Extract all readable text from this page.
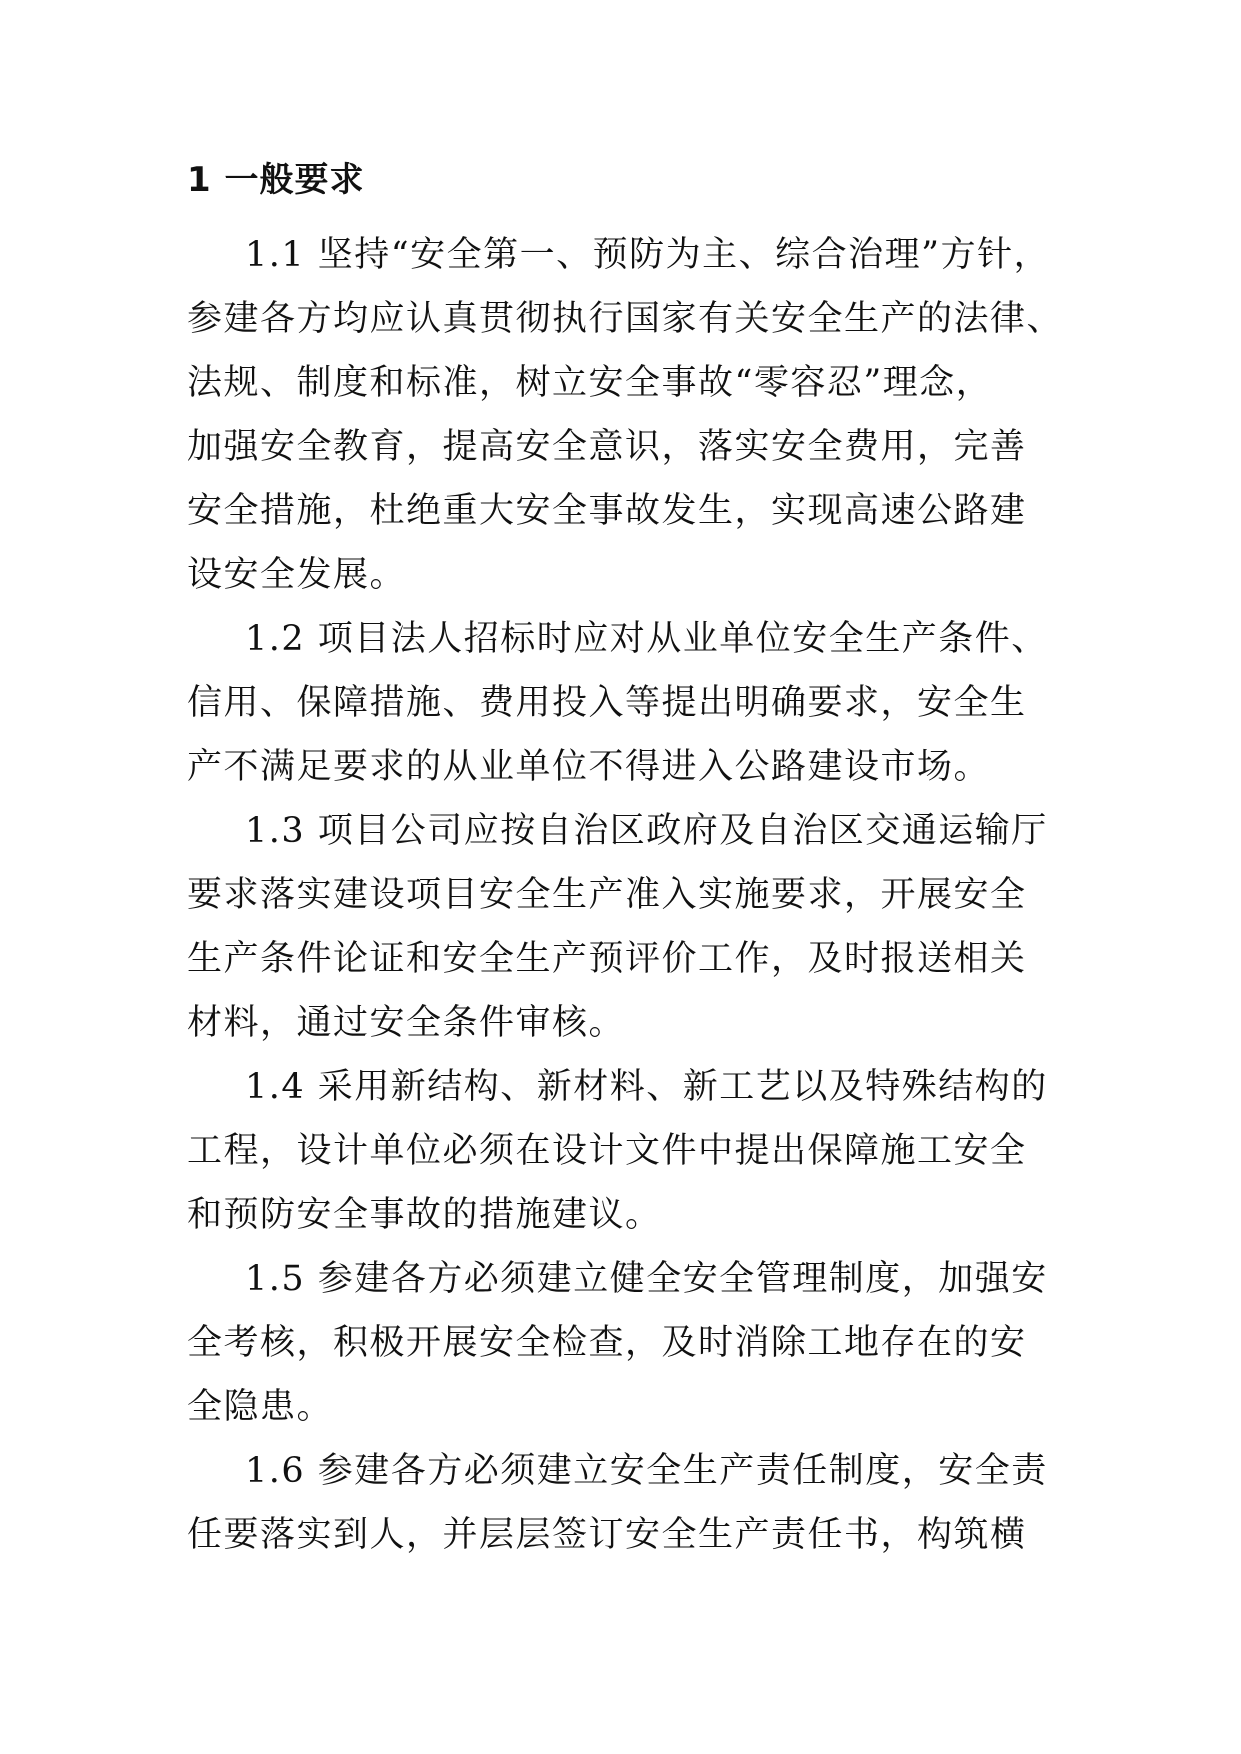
1 一般要求
1.1 坚持“安全第一、预防为主、综合治理”方针，
参建各方均应认真贯彻执行国家有关安全生产的法律、
法规、制度和标准，树立安全事故“零容忍”理念，
加强安全教育，提高安全意识，落实安全费用，完善
安全措施，杜绝重大安全事故发生，实现高速公路建
设安全发展。
1.2 项目法人招标时应对从业单位安全生产条件、
信用、保障措施、费用投入等提出明确要求，安全生
产不满足要求的从业单位不得进入公路建设市场。
1.3 项目公司应按自治区政府及自治区交通运输厅
要求落实建设项目安全生产准入实施要求，开展安全
生产条件论证和安全生产预评价工作，及时报送相关
材料，通过安全条件审核。
1.4 采用新结构、新材料、新工艺以及特殊结构的
工程，设计单位必须在设计文件中提出保障施工安全
和预防安全事故的措施建议。
1.5 参建各方必须建立健全安全管理制度，加强安
全考核，积极开展安全检查，及时消除工地存在的安
全隐患。
1.6 参建各方必须建立安全生产责任制度，安全责
任要落实到人，并层层签订安全生产责任书，构筑横
